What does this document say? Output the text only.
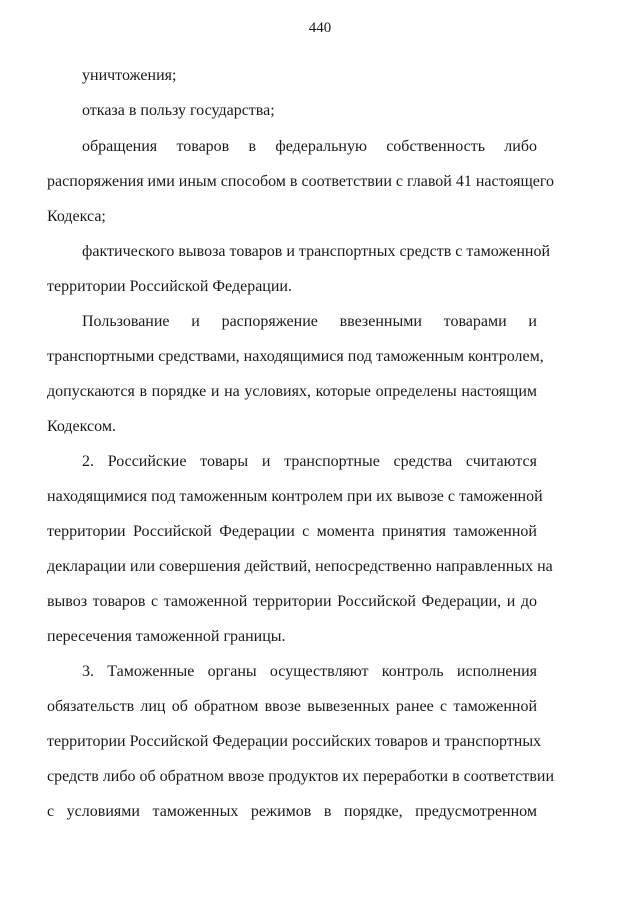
440
уничтожения;
отказа в пользу государства;
обращения товаров в федеральную собственность либо
распоряжения ими иным способом в соответствии с главой 41 настоящего
Кодекса;
фактического вывоза товаров и транспортных средств с таможенной
территории Российской Федерации.
Пользование и распоряжение ввезенными товарами и
транспортными средствами, находящимися под таможенным контролем,
допускаются в порядке и на условиях, которые определены настоящим
Кодексом.
2. Российские товары и транспортные средства считаются
находящимися под таможенным контролем при их вывозе с таможенной
территории Российской Федерации с момента принятия таможенной
декларации или совершения действий, непосредственно направленных на
вывоз товаров с таможенной территории Российской Федерации, и до
пересечения таможенной границы.
3. Таможенные органы осуществляют контроль исполнения
обязательств лиц об обратном ввозе вывезенных ранее с таможенной
территории Российской Федерации российских товаров и транспортных
средств либо об обратном ввозе продуктов их переработки в соответствии
с условиями таможенных режимов в порядке, предусмотренном
